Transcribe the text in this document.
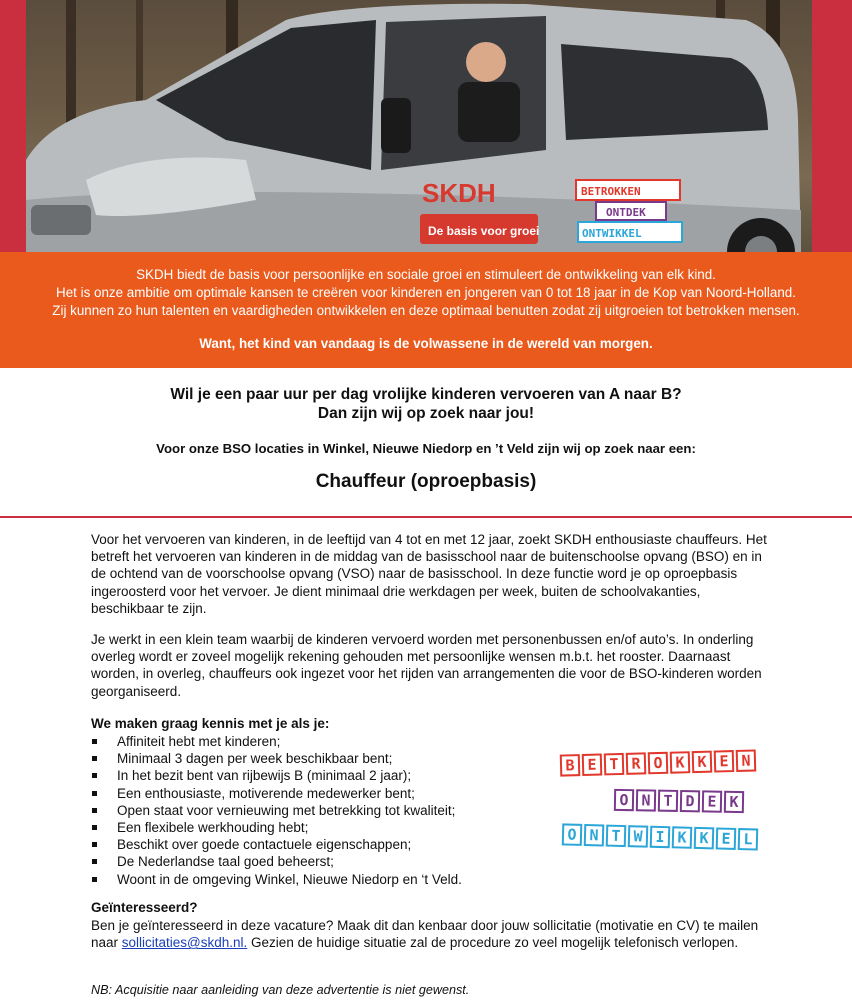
SKDH
De basis voor groei
BETROKKEN
ONTDEK
ONTWIKKEL
SKDH biedt de basis voor persoonlijke en sociale groei en stimuleert de ontwikkeling van elk kind.
Het is onze ambitie om optimale kansen te creëren voor kinderen en jongeren van 0 tot 18 jaar in de Kop van Noord-Holland.
Zij kunnen zo hun talenten en vaardigheden ontwikkelen en deze optimaal benutten zodat zij uitgroeien tot betrokken mensen.
Want, het kind van vandaag is de volwassene in de wereld van morgen.
Wil je een paar uur per dag vrolijke kinderen vervoeren van A naar B?
Dan zijn wij op zoek naar jou!
Voor onze BSO locaties in Winkel, Nieuwe Niedorp en ’t Veld zijn wij op zoek naar een:
Chauffeur (oproepbasis)
Voor het vervoeren van kinderen, in de leeftijd van 4 tot en met 12 jaar, zoekt SKDH enthousiaste chauffeurs. Het betreft het vervoeren van kinderen in de middag van de basisschool naar de buitenschoolse opvang (BSO) en in de ochtend van de voorschoolse opvang (VSO) naar de basisschool. In deze functie word je op oproepbasis ingeroosterd voor het vervoer. Je dient minimaal drie werkdagen per week, buiten de schoolvakanties, beschikbaar te zijn.
Je werkt in een klein team waarbij de kinderen vervoerd worden met personenbussen en/of auto’s. In onderling overleg wordt er zoveel mogelijk rekening gehouden met persoonlijke wensen m.b.t. het rooster. Daarnaast worden, in overleg, chauffeurs ook ingezet voor het rijden van arrangementen die voor de BSO-kinderen worden georganiseerd.
We maken graag kennis met je als je:
Affiniteit hebt met kinderen;
Minimaal 3 dagen per week beschikbaar bent;
In het bezit bent van rijbewijs B (minimaal 2 jaar);
Een enthousiaste, motiverende medewerker bent;
Open staat voor vernieuwing met betrekking tot kwaliteit;
Een flexibele werkhouding hebt;
Beschikt over goede contactuele eigenschappen;
De Nederlandse taal goed beheerst;
Woont in de omgeving Winkel, Nieuwe Niedorp en ‘t Veld.
B E T R O K K E N
O N T D E K
O N T W I K K E L
Geïnteresseerd?
Ben je geïnteresseerd in deze vacature? Maak dit dan kenbaar door jouw sollicitatie (motivatie en CV) te mailen naar sollicitaties@skdh.nl. Gezien de huidige situatie zal de procedure zo veel mogelijk telefonisch verlopen.
NB: Acquisitie naar aanleiding van deze advertentie is niet gewenst.
